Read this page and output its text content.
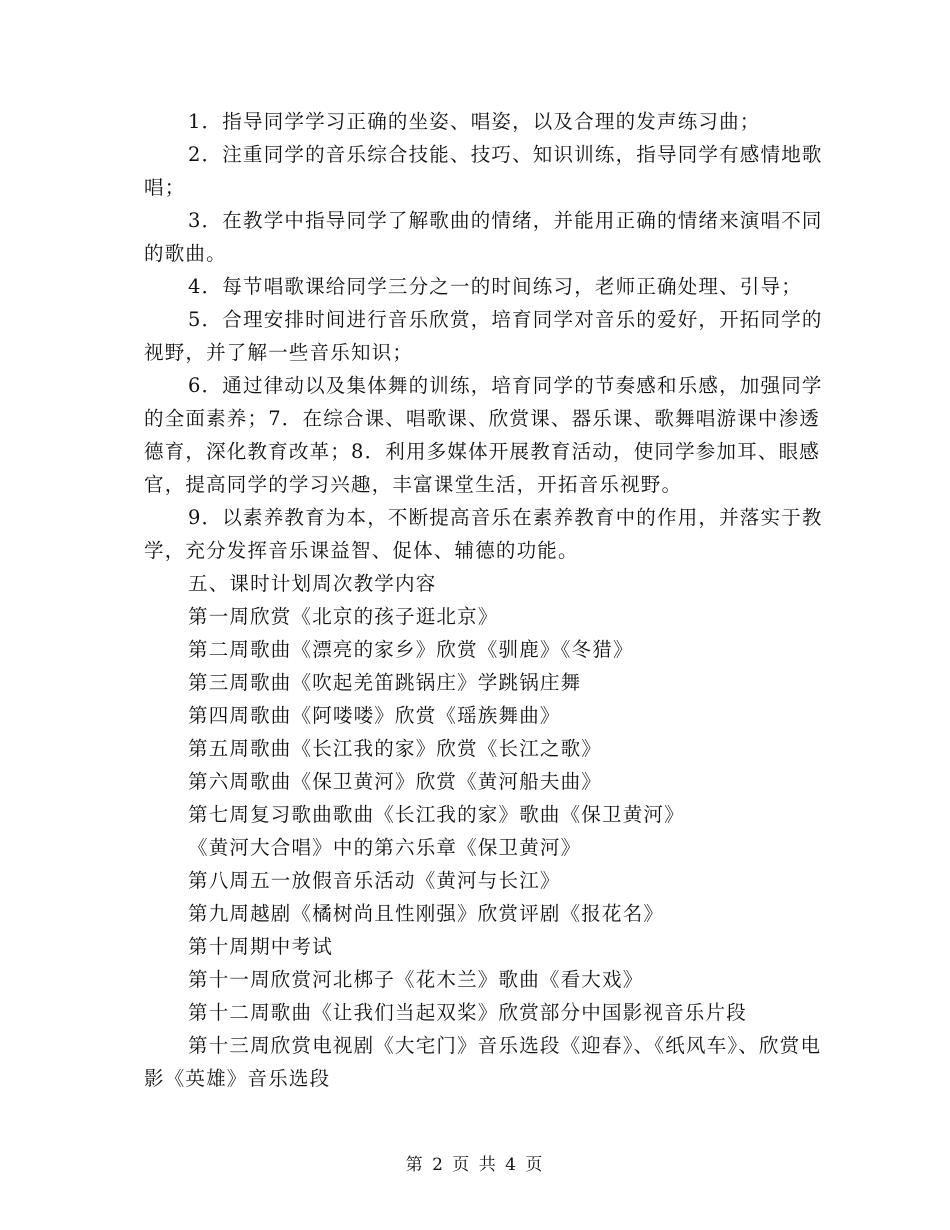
1．指导同学学习正确的坐姿、唱姿，以及合理的发声练习曲；

2．注重同学的音乐综合技能、技巧、知识训练，指导同学有感情地歌唱；

3．在教学中指导同学了解歌曲的情绪，并能用正确的情绪来演唱不同的歌曲。

4．每节唱歌课给同学三分之一的时间练习，老师正确处理、引导；

5．合理安排时间进行音乐欣赏，培育同学对音乐的爱好，开拓同学的视野，并了解一些音乐知识；

6．通过律动以及集体舞的训练，培育同学的节奏感和乐感，加强同学的全面素养；7．在综合课、唱歌课、欣赏课、器乐课、歌舞唱游课中渗透德育，深化教育改革；8．利用多媒体开展教育活动，使同学参加耳、眼感官，提高同学的学习兴趣，丰富课堂生活，开拓音乐视野。

9．以素养教育为本，不断提高音乐在素养教育中的作用，并落实于教学，充分发挥音乐课益智、促体、辅德的功能。

五、课时计划周次教学内容

第一周欣赏《北京的孩子逛北京》

第二周歌曲《漂亮的家乡》欣赏《驯鹿》《冬猎》

第三周歌曲《吹起羌笛跳锅庄》学跳锅庄舞

第四周歌曲《阿喽喽》欣赏《瑶族舞曲》

第五周歌曲《长江我的家》欣赏《长江之歌》

第六周歌曲《保卫黄河》欣赏《黄河船夫曲》

第七周复习歌曲歌曲《长江我的家》歌曲《保卫黄河》

《黄河大合唱》中的第六乐章《保卫黄河》

第八周五一放假音乐活动《黄河与长江》

第九周越剧《橘树尚且性刚强》欣赏评剧《报花名》

第十周期中考试

第十一周欣赏河北梆子《花木兰》歌曲《看大戏》

第十二周歌曲《让我们当起双桨》欣赏部分中国影视音乐片段

第十三周欣赏电视剧《大宅门》音乐选段《迎春》、《纸风车》、欣赏电影《英雄》音乐选段

第 2 页 共 4 页
